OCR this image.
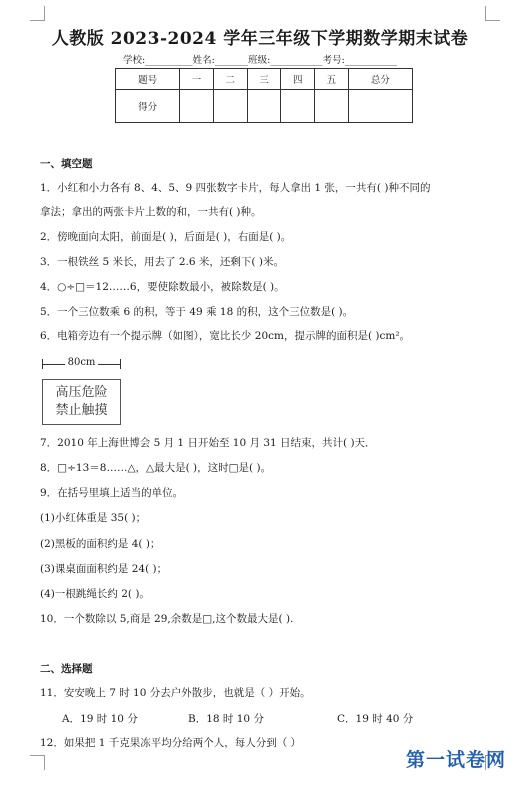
人教版 2023-2024 学年三年级下学期数学期末试卷
学校:__________姓名:_______班级:___________考号:___________
题号	一	二	三	四	五	总分
得分						
一、填空题
1．小红和小力各有 8、4、5、9 四张数字卡片，每人拿出 1 张，一共有( )种不同的
拿法；拿出的两张卡片上数的和，一共有( )种。
2．傍晚面向太阳，前面是( )，后面是( )，右面是( )。
3．一根铁丝 5 米长，用去了 2.6 米，还剩下( )米。
4．○÷□＝12……6，要使除数最小，被除数是( )。
5．一个三位数乘 6 的积，等于 49 乘 18 的积，这个三位数是( )。
6．电箱旁边有一个提示牌（如图），宽比长少 20cm，提示牌的面积是( )cm²。
80cm
高压危险
禁止触摸
7．2010 年上海世博会 5 月 1 日开始至 10 月 31 日结束，共计( )天．
8．□÷13＝8……△，△最大是( )，这时□是( )。
9．在括号里填上适当的单位。
(1)小红体重是 35( )；
(2)黑板的面积约是 4( )；
(3)课桌面面积约是 24( )；
(4)一根跳绳长约 2( )。
10．一个数除以 5,商是 29,余数是□,这个数最大是( ).
二、选择题
11．安安晚上 7 时 10 分去户外散步，也就是（ ）开始。
A．19 时 10 分	B．18 时 10 分	C．19 时 40 分
12．如果把 1 千克果冻平均分给两个人，每人分到（ ）
第一试卷网
